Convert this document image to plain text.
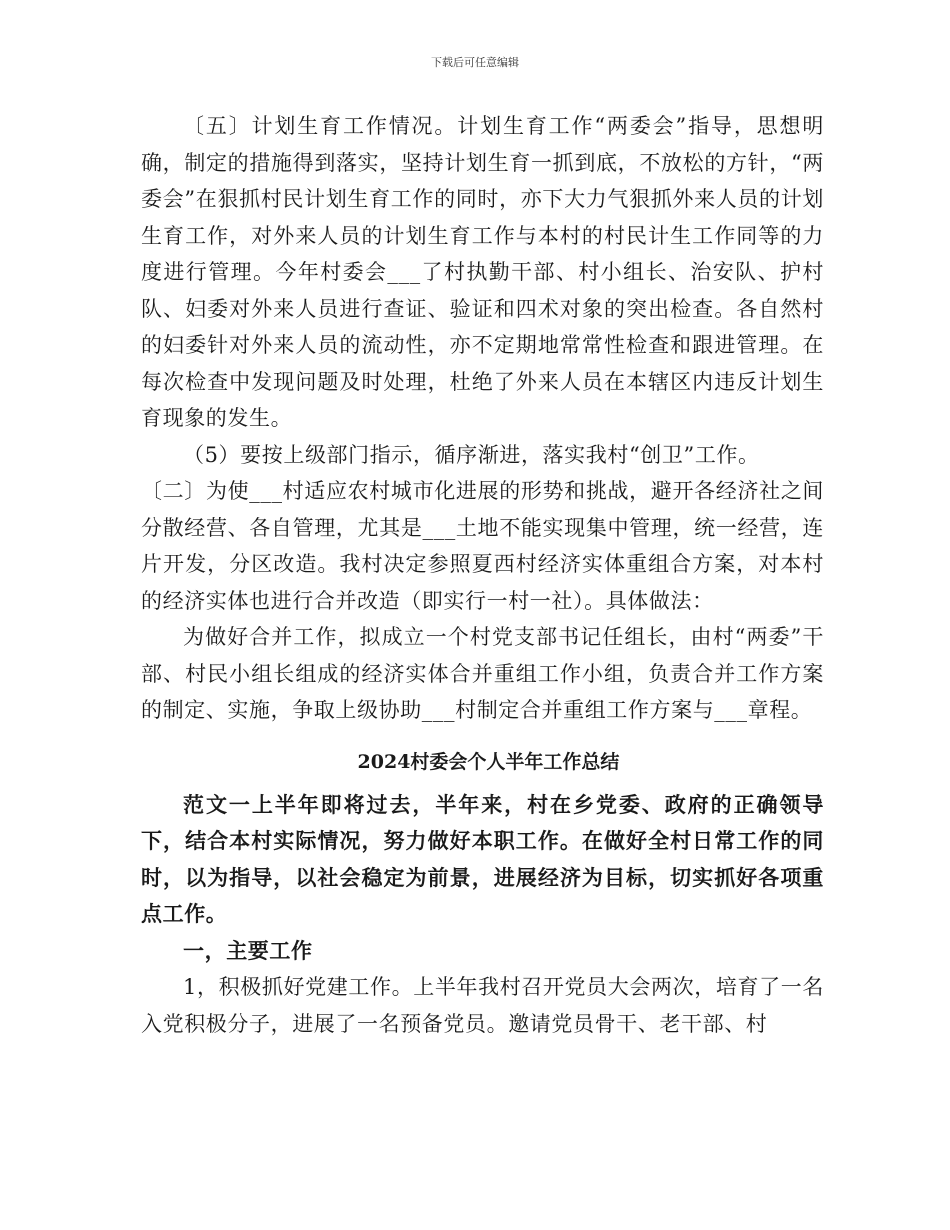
下载后可任意编辑

〔五〕计划生育工作情况。计划生育工作“两委会”指导，思想明确，制定的措施得到落实，坚持计划生育一抓到底，不放松的方针，“两委会”在狠抓村民计划生育工作的同时，亦下大力气狠抓外来人员的计划生育工作，对外来人员的计划生育工作与本村的村民计生工作同等的力度进行管理。今年村委会___了村执勤干部、村小组长、治安队、护村队、妇委对外来人员进行查证、验证和四术对象的突出检查。各自然村的妇委针对外来人员的流动性，亦不定期地常常性检查和跟进管理。在每次检查中发现问题及时处理，杜绝了外来人员在本辖区内违反计划生育现象的发生。

（5）要按上级部门指示，循序渐进，落实我村“创卫”工作。

〔二〕为使___村适应农村城市化进展的形势和挑战，避开各经济社之间分散经营、各自管理，尤其是___土地不能实现集中管理，统一经营，连片开发，分区改造。我村决定参照夏西村经济实体重组合方案，对本村的经济实体也进行合并改造（即实行一村一社）。具体做法：

为做好合并工作，拟成立一个村党支部书记任组长，由村“两委”干部、村民小组长组成的经济实体合并重组工作小组，负责合并工作方案的制定、实施，争取上级协助___村制定合并重组工作方案与___章程。

2024村委会个人半年工作总结

范文一上半年即将过去，半年来，村在乡党委、政府的正确领导下，结合本村实际情况，努力做好本职工作。在做好全村日常工作的同时，以为指导，以社会稳定为前景，进展经济为目标，切实抓好各项重点工作。

一，主要工作

1，积极抓好党建工作。上半年我村召开党员大会两次，培育了一名入党积极分子，进展了一名预备党员。邀请党员骨干、老干部、村
